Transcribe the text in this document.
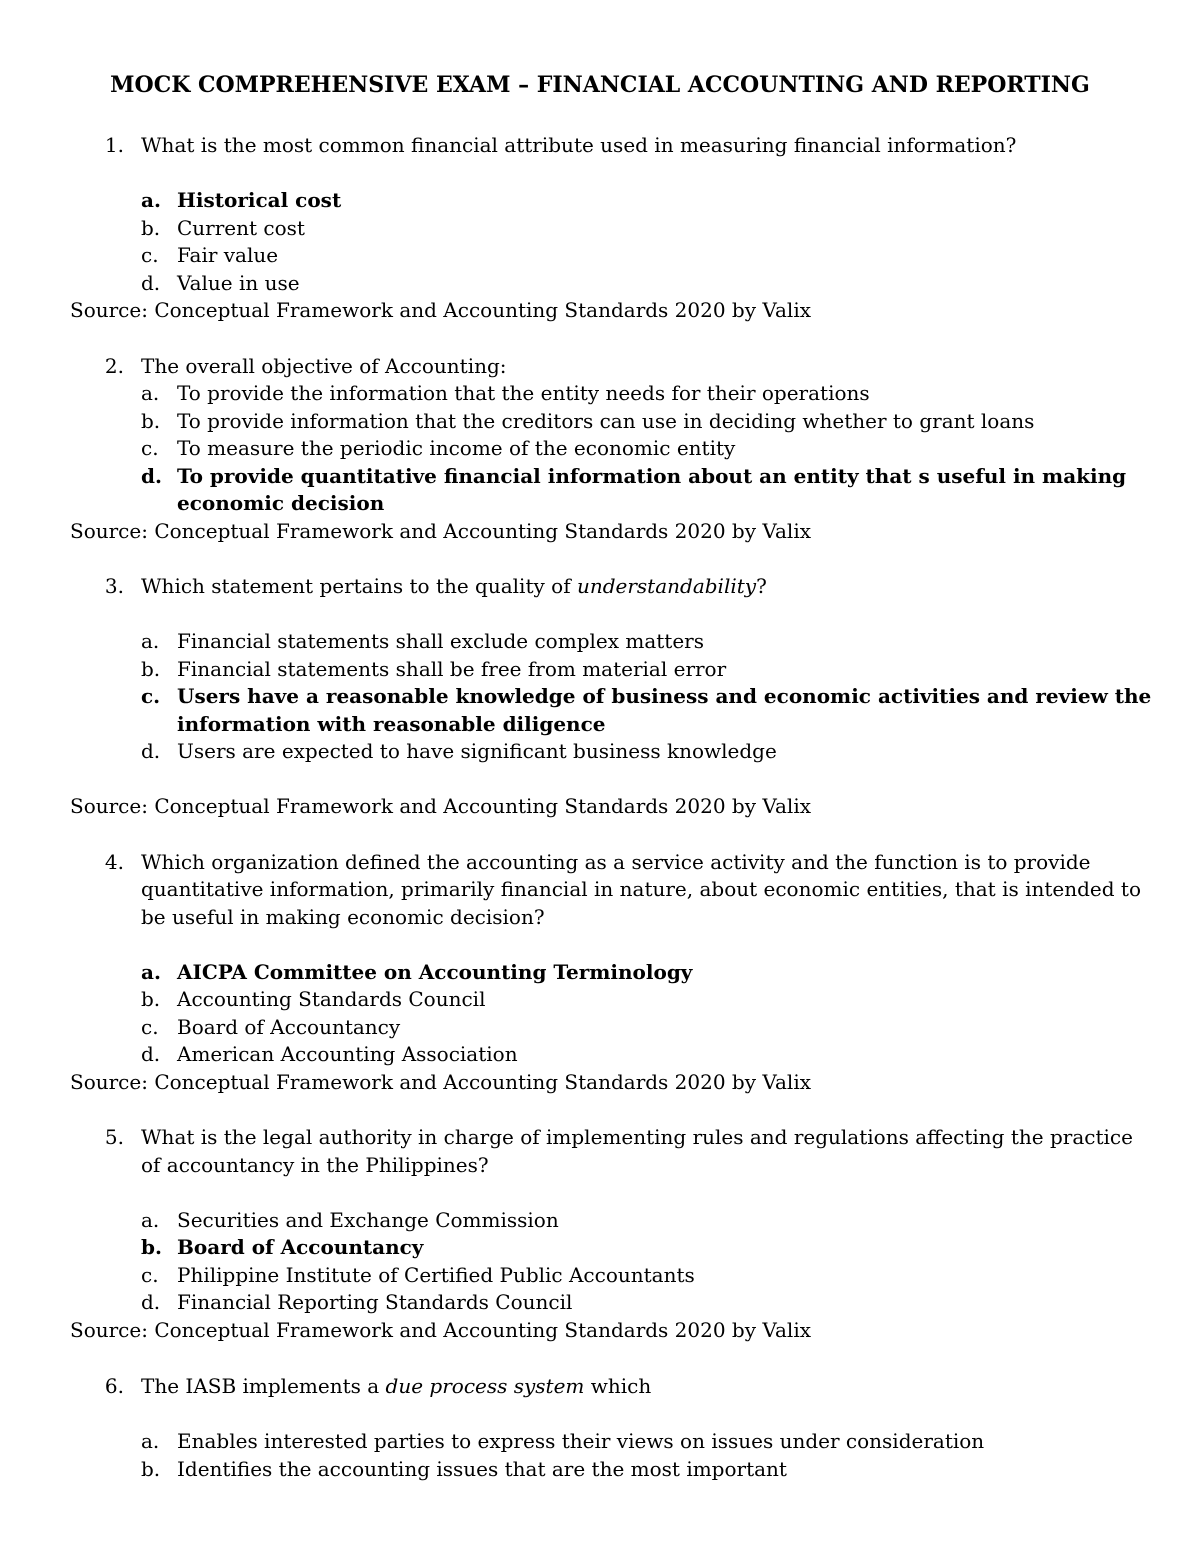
MOCK COMPREHENSIVE EXAM – FINANCIAL ACCOUNTING AND REPORTING
1. What is the most common financial attribute used in measuring financial information?
a. Historical cost
b. Current cost
c. Fair value
d. Value in use
Source: Conceptual Framework and Accounting Standards 2020 by Valix
2. The overall objective of Accounting:
a. To provide the information that the entity needs for their operations
b. To provide information that the creditors can use in deciding whether to grant loans
c. To measure the periodic income of the economic entity
d. To provide quantitative financial information about an entity that s useful in making
economic decision
Source: Conceptual Framework and Accounting Standards 2020 by Valix
3. Which statement pertains to the quality of understandability?
a. Financial statements shall exclude complex matters
b. Financial statements shall be free from material error
c. Users have a reasonable knowledge of business and economic activities and review the
information with reasonable diligence
d. Users are expected to have significant business knowledge
Source: Conceptual Framework and Accounting Standards 2020 by Valix
4. Which organization defined the accounting as a service activity and the function is to provide
quantitative information, primarily financial in nature, about economic entities, that is intended to
be useful in making economic decision?
a. AICPA Committee on Accounting Terminology
b. Accounting Standards Council
c. Board of Accountancy
d. American Accounting Association
Source: Conceptual Framework and Accounting Standards 2020 by Valix
5. What is the legal authority in charge of implementing rules and regulations affecting the practice
of accountancy in the Philippines?
a. Securities and Exchange Commission
b. Board of Accountancy
c. Philippine Institute of Certified Public Accountants
d. Financial Reporting Standards Council
Source: Conceptual Framework and Accounting Standards 2020 by Valix
6. The IASB implements a due process system which
a. Enables interested parties to express their views on issues under consideration
b. Identifies the accounting issues that are the most important
